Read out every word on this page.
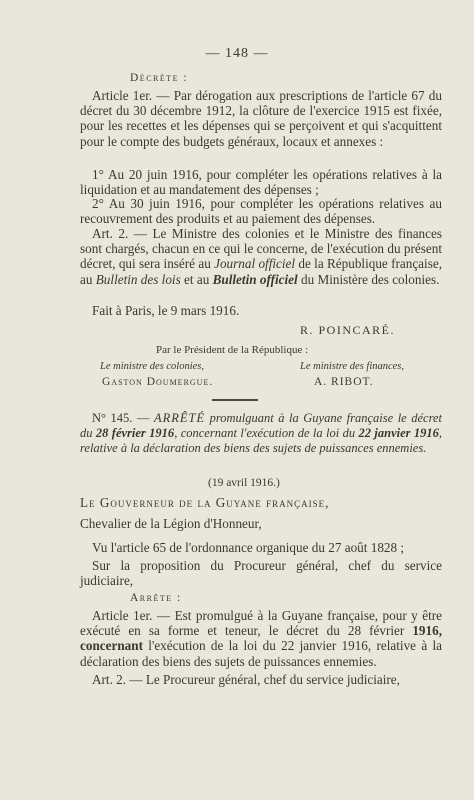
— 148 —
Décrète :

Article 1er. — Par dérogation aux prescriptions de l'article 67 du décret du 30 décembre 1912, la clôture de l'exercice 1915 est fixée, pour les recettes et les dépenses qui se perçoivent et qui s'acquittent pour le compte des budgets généraux, locaux et annexes :

1° Au 20 juin 1916, pour compléter les opérations relatives à la liquidation et au mandatement des dépenses ;

2° Au 30 juin 1916, pour compléter les opérations relatives au recouvrement des produits et au paiement des dépenses.

Art. 2. — Le Ministre des colonies et le Ministre des finances sont chargés, chacun en ce qui le concerne, de l'exécution du présent décret, qui sera inséré au Journal officiel de la République française, au Bulletin des lois et au Bulletin officiel du Ministère des colonies.

Fait à Paris, le 9 mars 1916.
R. POINCARÉ.
Par le Président de la République :
Le ministre des colonies,	Le ministre des finances,
Gaston Doumergue.	A. RIBOT.

N° 145. — ARRÊTÉ promulguant à la Guyane française le décret du 28 février 1916, concernant l'exécution de la loi du 22 janvier 1916, relative à la déclaration des biens des sujets de puissances ennemies.

(19 avril 1916.)
Le Gouverneur de la Guyane française,
Chevalier de la Légion d'Honneur,

Vu l'article 65 de l'ordonnance organique du 27 août 1828 ;

Sur la proposition du Procureur général, chef du service judiciaire,

Arrête :

Article 1er. — Est promulgué à la Guyane française, pour y être exécuté en sa forme et teneur, le décret du 28 février 1916, concernant l'exécution de la loi du 22 janvier 1916, relative à la déclaration des biens des sujets de puissances ennemies.

Art. 2. — Le Procureur général, chef du service judiciaire,
